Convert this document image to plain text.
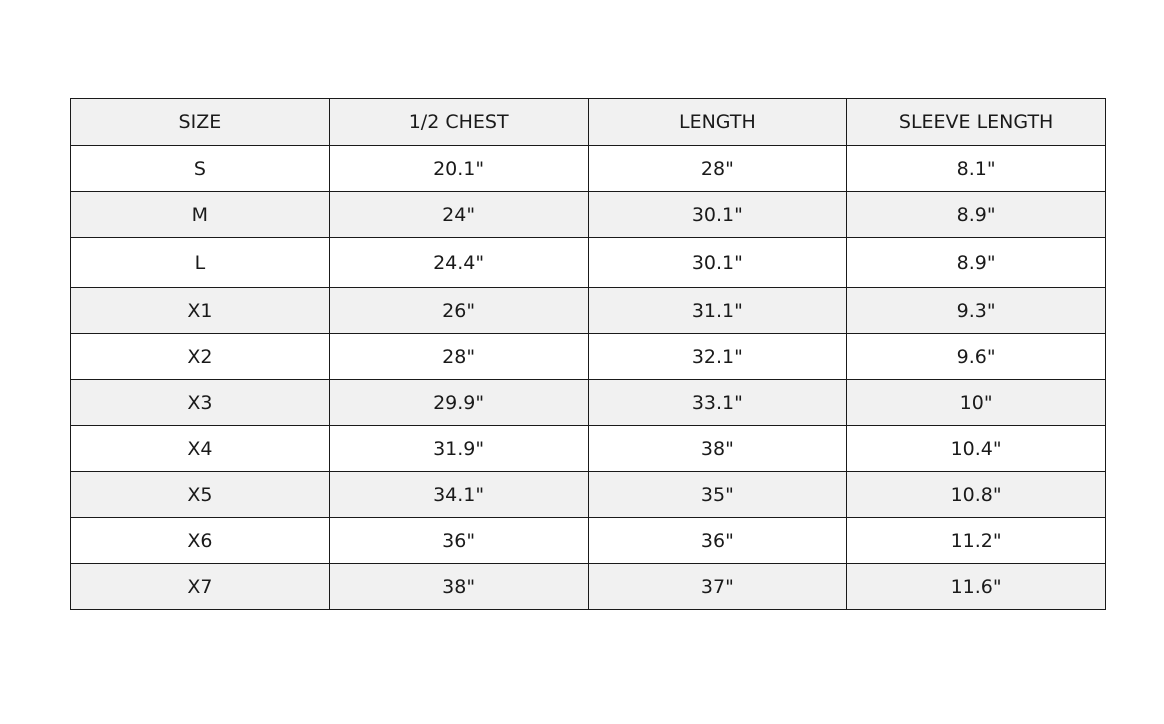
SIZE	1/2 CHEST	LENGTH	SLEEVE LENGTH
S	20.1"	28"	8.1"
M	24"	30.1"	8.9"
L	24.4"	30.1"	8.9"
X1	26"	31.1"	9.3"
X2	28"	32.1"	9.6"
X3	29.9"	33.1"	10"
X4	31.9"	38"	10.4"
X5	34.1"	35"	10.8"
X6	36"	36"	11.2"
X7	38"	37"	11.6"
